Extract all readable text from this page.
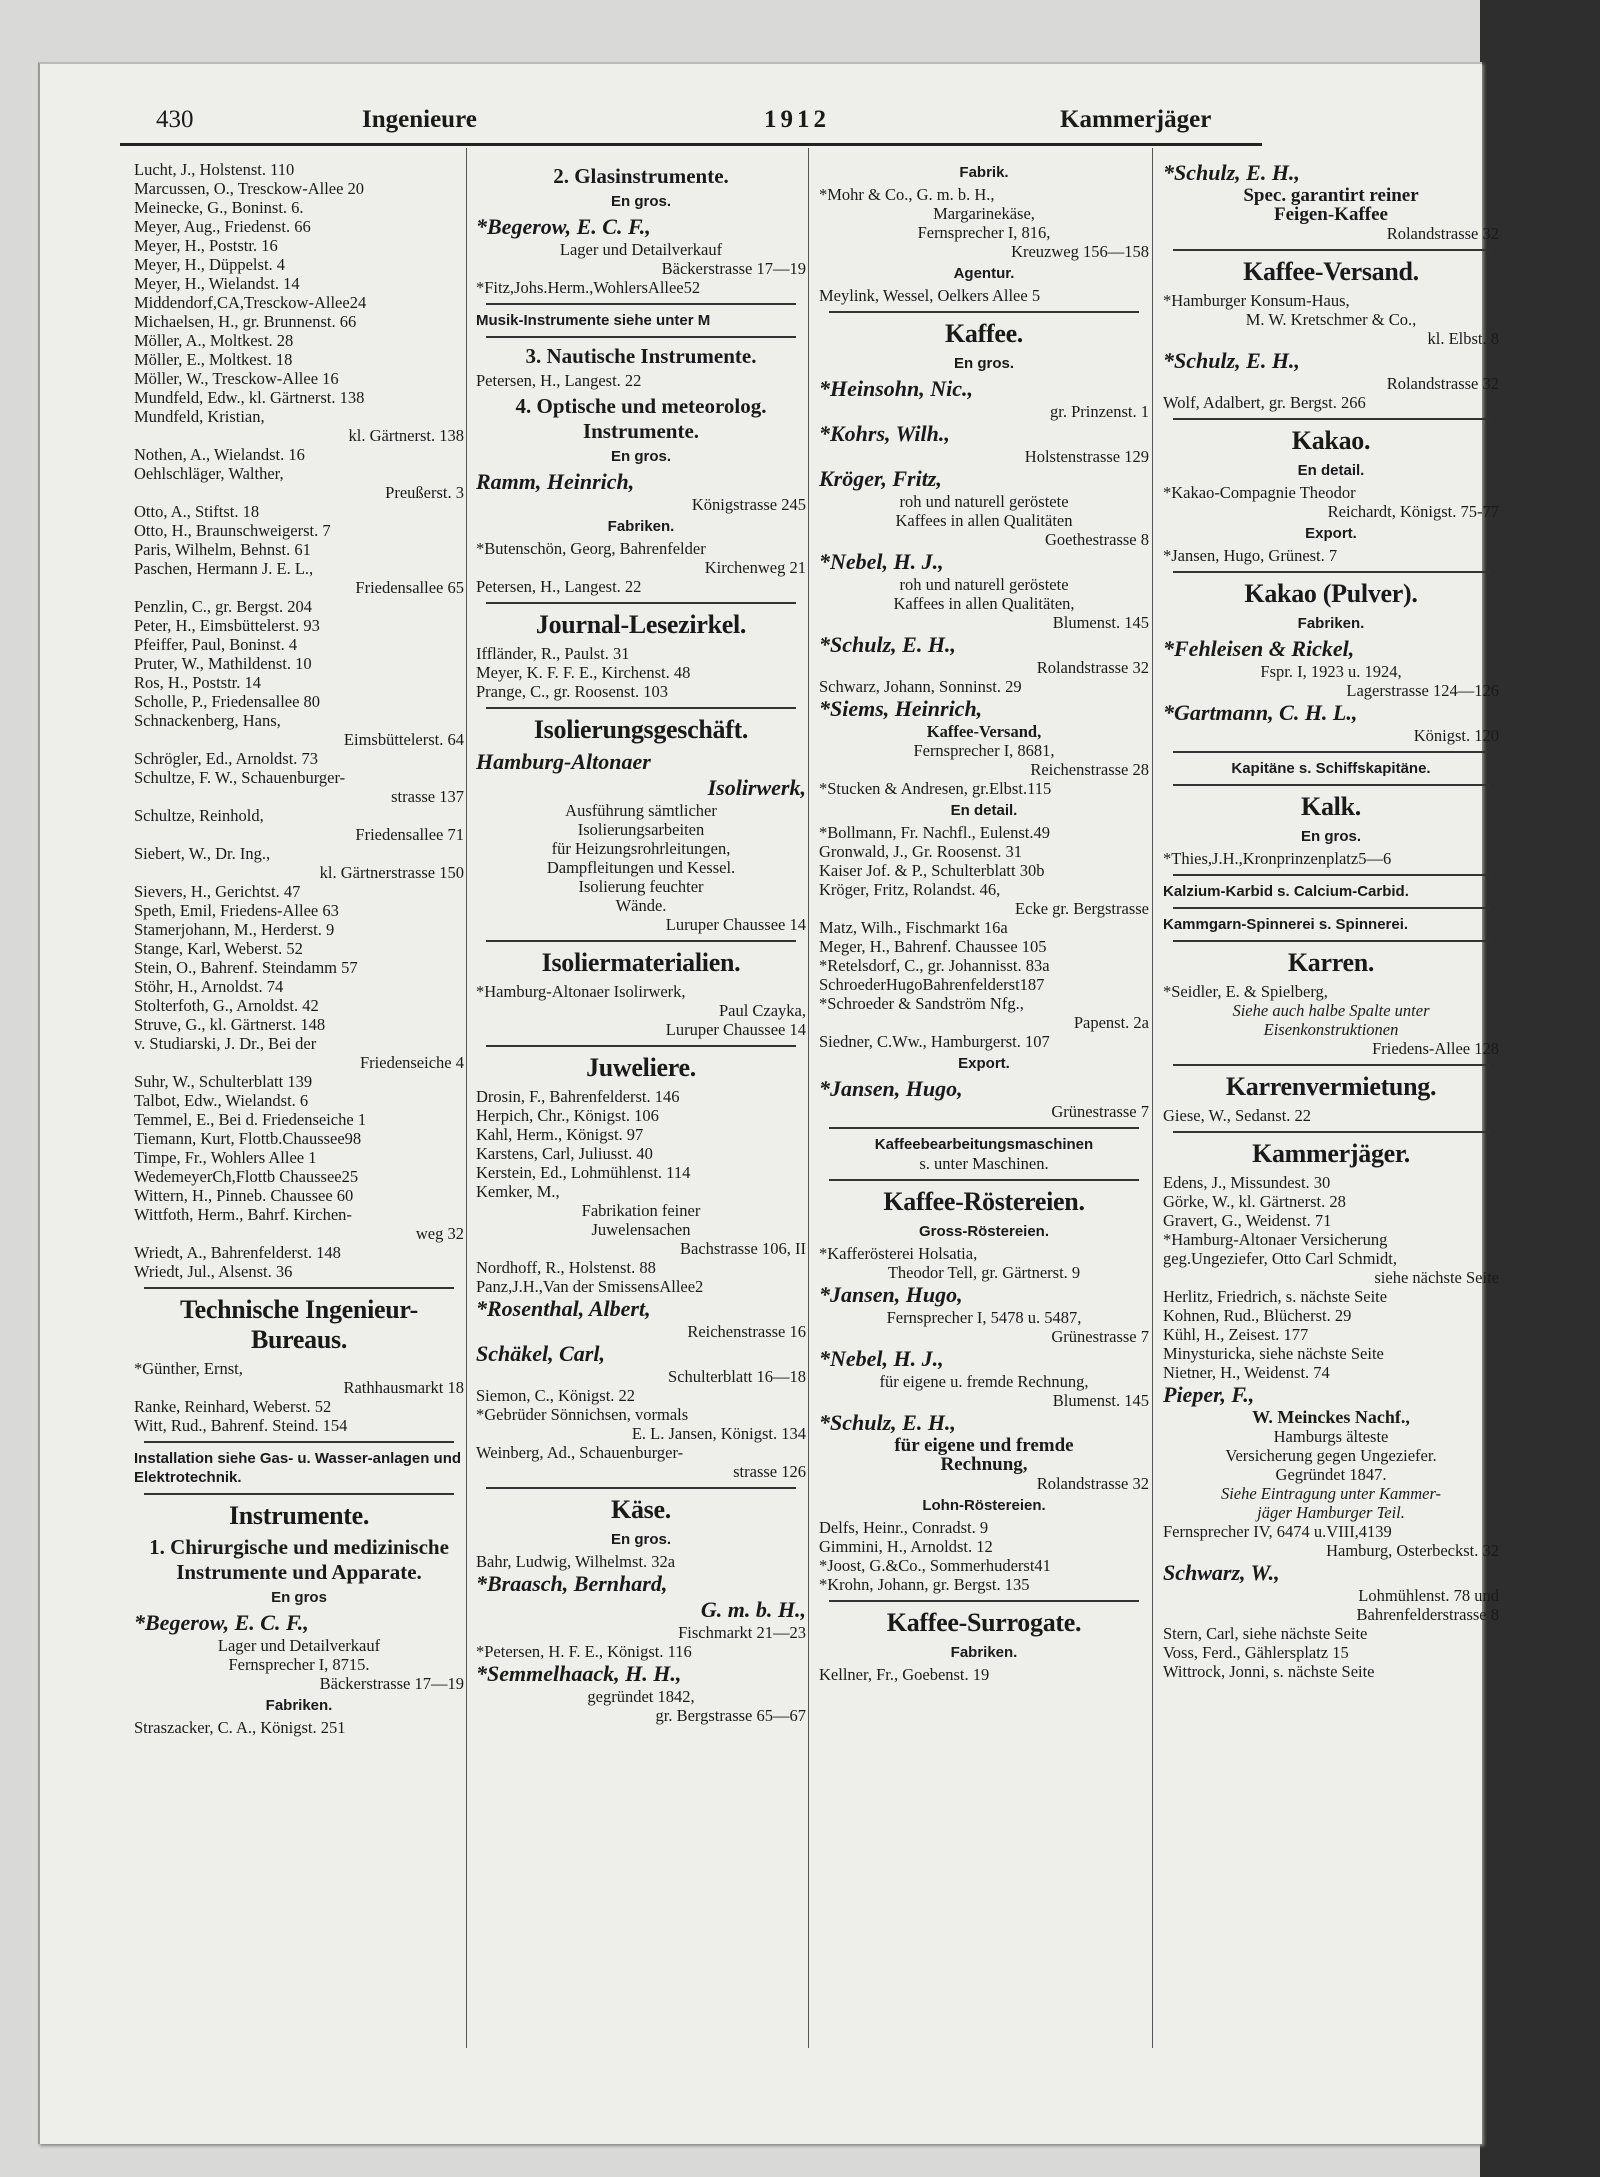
430	Ingenieure	1912	Kammerjäger
Lucht, J., Holstenst. 110
Marcussen, O., Tresckow-Allee 20
Meinecke, G., Boninst. 6.
Meyer, Aug., Friedenst. 66
Meyer, H., Poststr. 16
Meyer, H., Düppelst. 4
Meyer, H., Wielandst. 14
Middendorf,CA,Tresckow-Allee24
Michaelsen, H., gr. Brunnenst. 66
Möller, A., Moltkest. 28
Möller, E., Moltkest. 18
Möller, W., Tresckow-Allee 16
Mundfeld, Edw., kl. Gärtnerst. 138
Mundfeld, Kristian,
kl. Gärtnerst. 138
Nothen, A., Wielandst. 16
Oehlschläger, Walther,
Preußerst. 3
Otto, A., Stiftst. 18
Otto, H., Braunschweigerst. 7
Paris, Wilhelm, Behnst. 61
Paschen, Hermann J. E. L.,
Friedensallee 65
Penzlin, C., gr. Bergst. 204
Peter, H., Eimsbüttelerst. 93
Pfeiffer, Paul, Boninst. 4
Pruter, W., Mathildenst. 10
Ros, H., Poststr. 14
Scholle, P., Friedensallee 80
Schnackenberg, Hans,
Eimsbüttelerst. 64
Schrögler, Ed., Arnoldst. 73
Schultze, F. W., Schauenburger-
strasse 137
Schultze, Reinhold,
Friedensallee 71
Siebert, W., Dr. Ing.,
kl. Gärtnerstrasse 150
Sievers, H., Gerichtst. 47
Speth, Emil, Friedens-Allee 63
Stamerjohann, M., Herderst. 9
Stange, Karl, Weberst. 52
Stein, O., Bahrenf. Steindamm 57
Stöhr, H., Arnoldst. 74
Stolterfoth, G., Arnoldst. 42
Struve, G., kl. Gärtnerst. 148
v. Studiarski, J. Dr., Bei der
Friedenseiche 4
Suhr, W., Schulterblatt 139
Talbot, Edw., Wielandst. 6
Temmel, E., Bei d. Friedenseiche 1
Tiemann, Kurt, Flottb.Chaussee98
Timpe, Fr., Wohlers Allee 1
WedemeyerCh,Flottb Chaussee25
Wittern, H., Pinneb. Chaussee 60
Wittfoth, Herm., Bahrf. Kirchen-
weg 32
Wriedt, A., Bahrenfelderst. 148
Wriedt, Jul., Alsenst. 36
Technische Ingenieur-Bureaus.
*Günther, Ernst,
Rathhausmarkt 18
Ranke, Reinhard, Weberst. 52
Witt, Rud., Bahrenf. Steind. 154
Installation siehe Gas- u. Wasser-anlagen und Elektrotechnik.
Instrumente.
1. Chirurgische und medizinische Instrumente und Apparate.
En gros
*Begerow, E. C. F.,
Lager und Detailverkauf
Fernsprecher I, 8715.
Bäckerstrasse 17—19
Fabriken.
Straszacker, C. A., Königst. 251
2. Glasinstrumente.
En gros.
*Begerow, E. C. F.,
Lager und Detailverkauf
Bäckerstrasse 17—19
*Fitz,Johs.Herm.,WohlersAllee52
Musik-Instrumente siehe unter M
3. Nautische Instrumente.
Petersen, H., Langest. 22
4. Optische und meteorolog. Instrumente.
En gros.
Ramm, Heinrich,
Königstrasse 245
Fabriken.
*Butenschön, Georg, Bahrenfelder
Kirchenweg 21
Petersen, H., Langest. 22
Journal-Lesezirkel.
Iffländer, R., Paulst. 31
Meyer, K. F. F. E., Kirchenst. 48
Prange, C., gr. Roosenst. 103
Isolierungsgeschäft.
Hamburg-Altonaer
Isolirwerk,
Ausführung sämtlicher
Isolierungsarbeiten
für Heizungsrohrleitungen,
Dampfleitungen und Kessel.
Isolierung feuchter
Wände.
Luruper Chaussee 14
Isoliermaterialien.
*Hamburg-Altonaer Isolirwerk,
Paul Czayka,
Luruper Chaussee 14
Juweliere.
Drosin, F., Bahrenfelderst. 146
Herpich, Chr., Königst. 106
Kahl, Herm., Königst. 97
Karstens, Carl, Juliusst. 40
Kerstein, Ed., Lohmühlenst. 114
Kemker, M.,
Fabrikation feiner
Juwelensachen
Bachstrasse 106, II
Nordhoff, R., Holstenst. 88
Panz,J.H.,Van der SmissensAllee2
*Rosenthal, Albert,
Reichenstrasse 16
Schäkel, Carl,
Schulterblatt 16—18
Siemon, C., Königst. 22
*Gebrüder Sönnichsen, vormals
E. L. Jansen, Königst. 134
Weinberg, Ad., Schauenburger-
strasse 126
Käse.
En gros.
Bahr, Ludwig, Wilhelmst. 32a
*Braasch, Bernhard,
G. m. b. H.,
Fischmarkt 21—23
*Petersen, H. F. E., Königst. 116
*Semmelhaack, H. H.,
gegründet 1842,
gr. Bergstrasse 65—67
Fabrik.
*Mohr & Co., G. m. b. H.,
Margarinekäse,
Fernsprecher I, 816,
Kreuzweg 156—158
Agentur.
Meylink, Wessel, Oelkers Allee 5
Kaffee.
En gros.
*Heinsohn, Nic.,
gr. Prinzenst. 1
*Kohrs, Wilh.,
Holstenstrasse 129
Kröger, Fritz,
roh und naturell geröstete
Kaffees in allen Qualitäten
Goethestrasse 8
*Nebel, H. J.,
roh und naturell geröstete
Kaffees in allen Qualitäten,
Blumenst. 145
*Schulz, E. H.,
Rolandstrasse 32
Schwarz, Johann, Sonninst. 29
*Siems, Heinrich,
Kaffee-Versand,
Fernsprecher I, 8681,
Reichenstrasse 28
*Stucken & Andresen, gr.Elbst.115
En detail.
*Bollmann, Fr. Nachfl., Eulenst.49
Gronwald, J., Gr. Roosenst. 31
Kaiser Jof. & P., Schulterblatt 30b
Kröger, Fritz, Rolandst. 46,
Ecke gr. Bergstrasse
Matz, Wilh., Fischmarkt 16a
Meger, H., Bahrenf. Chaussee 105
*Retelsdorf, C., gr. Johannisst. 83a
SchroederHugoBahrenfelderst187
*Schroeder & Sandström Nfg.,
Papenst. 2a
Siedner, C.Ww., Hamburgerst. 107
Export.
*Jansen, Hugo,
Grünestrasse 7
Kaffeebearbeitungsmaschinen
s. unter Maschinen.
Kaffee-Röstereien.
Gross-Röstereien.
*Kafferösterei Holsatia,
Theodor Tell, gr. Gärtnerst. 9
*Jansen, Hugo,
Fernsprecher I, 5478 u. 5487,
Grünestrasse 7
*Nebel, H. J.,
für eigene u. fremde Rechnung,
Blumenst. 145
*Schulz, E. H.,
für eigene und fremde
Rechnung,
Rolandstrasse 32
Lohn-Röstereien.
Delfs, Heinr., Conradst. 9
Gimmini, H., Arnoldst. 12
*Joost, G.&Co., Sommerhuderst41
*Krohn, Johann, gr. Bergst. 135
Kaffee-Surrogate.
Fabriken.
Kellner, Fr., Goebenst. 19
*Schulz, E. H.,
Spec. garantirt reiner
Feigen-Kaffee
Rolandstrasse 32
Kaffee-Versand.
*Hamburger Konsum-Haus,
M. W. Kretschmer & Co.,
kl. Elbst. 8
*Schulz, E. H.,
Rolandstrasse 32
Wolf, Adalbert, gr. Bergst. 266
Kakao.
En detail.
*Kakao-Compagnie Theodor
Reichardt, Königst. 75-77
Export.
*Jansen, Hugo, Grünest. 7
Kakao (Pulver).
Fabriken.
*Fehleisen & Rickel,
Fspr. I, 1923 u. 1924,
Lagerstrasse 124—126
*Gartmann, C. H. L.,
Königst. 120
Kapitäne s. Schiffskapitäne.
Kalk.
En gros.
*Thies,J.H.,Kronprinzenplatz5—6
Kalzium-Karbid s. Calcium-Carbid.
Kammgarn-Spinnerei s. Spinnerei.
Karren.
*Seidler, E. & Spielberg,
Siehe auch halbe Spalte unter
Eisenkonstruktionen
Friedens-Allee 128
Karrenvermietung.
Giese, W., Sedanst. 22
Kammerjäger.
Edens, J., Missundest. 30
Görke, W., kl. Gärtnerst. 28
Gravert, G., Weidenst. 71
*Hamburg-Altonaer Versicherung
geg.Ungeziefer, Otto Carl Schmidt,
siehe nächste Seite
Herlitz, Friedrich, s. nächste Seite
Kohnen, Rud., Blücherst. 29
Kühl, H., Zeisest. 177
Minysturicka, siehe nächste Seite
Nietner, H., Weidenst. 74
Pieper, F.,
W. Meinckes Nachf.,
Hamburgs älteste
Versicherung gegen Ungeziefer.
Gegründet 1847.
Siehe Eintragung unter Kammer-
jäger Hamburger Teil.
Fernsprecher IV, 6474 u.VIII,4139
Hamburg, Osterbeckst. 32
Schwarz, W.,
Lohmühlenst. 78 und
Bahrenfelderstrasse 8
Stern, Carl, siehe nächste Seite
Voss, Ferd., Gählersplatz 15
Wittrock, Jonni, s. nächste Seite
